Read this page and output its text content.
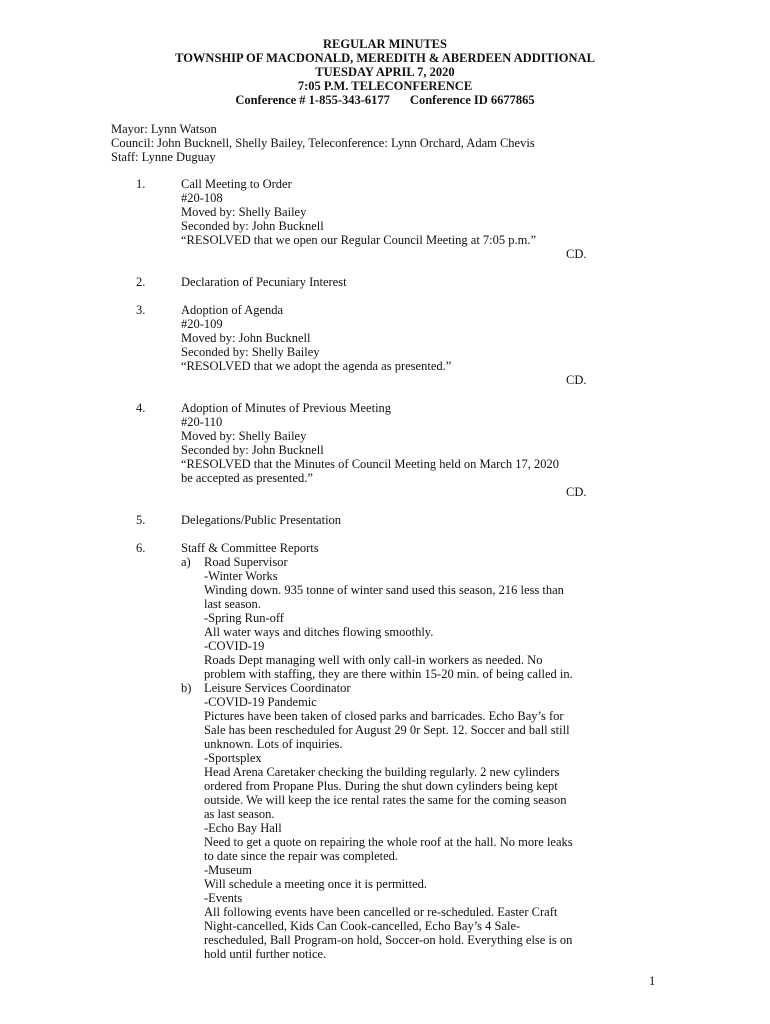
REGULAR MINUTES
TOWNSHIP OF MACDONALD, MEREDITH & ABERDEEN ADDITIONAL
TUESDAY APRIL 7, 2020
7:05 P.M. TELECONFERENCE
Conference # 1-855-343-6177 Conference ID 6677865
Mayor: Lynn Watson
Council: John Bucknell, Shelly Bailey, Teleconference: Lynn Orchard, Adam Chevis
Staff: Lynne Duguay
1.	Call Meeting to Order
#20-108
Moved by: Shelly Bailey
Seconded by: John Bucknell
“RESOLVED that we open our Regular Council Meeting at 7:05 p.m.”
CD.
2.	Declaration of Pecuniary Interest
3.	Adoption of Agenda
#20-109
Moved by: John Bucknell
Seconded by: Shelly Bailey
“RESOLVED that we adopt the agenda as presented.”
CD.
4.	Adoption of Minutes of Previous Meeting
#20-110
Moved by: Shelly Bailey
Seconded by: John Bucknell
“RESOLVED that the Minutes of Council Meeting held on March 17, 2020
be accepted as presented.”
CD.
5.	Delegations/Public Presentation
6.	Staff & Committee Reports
a) Road Supervisor
-Winter Works
Winding down. 935 tonne of winter sand used this season, 216 less than
last season.
-Spring Run-off
All water ways and ditches flowing smoothly.
-COVID-19
Roads Dept managing well with only call-in workers as needed. No
problem with staffing, they are there within 15-20 min. of being called in.
b) Leisure Services Coordinator
-COVID-19 Pandemic
Pictures have been taken of closed parks and barricades. Echo Bay’s for
Sale has been rescheduled for August 29 0r Sept. 12. Soccer and ball still
unknown. Lots of inquiries.
-Sportsplex
Head Arena Caretaker checking the building regularly. 2 new cylinders
ordered from Propane Plus. During the shut down cylinders being kept
outside. We will keep the ice rental rates the same for the coming season
as last season.
-Echo Bay Hall
Need to get a quote on repairing the whole roof at the hall. No more leaks
to date since the repair was completed.
-Museum
Will schedule a meeting once it is permitted.
-Events
All following events have been cancelled or re-scheduled. Easter Craft
Night-cancelled, Kids Can Cook-cancelled, Echo Bay’s 4 Sale-
rescheduled, Ball Program-on hold, Soccer-on hold. Everything else is on
hold until further notice.
1
